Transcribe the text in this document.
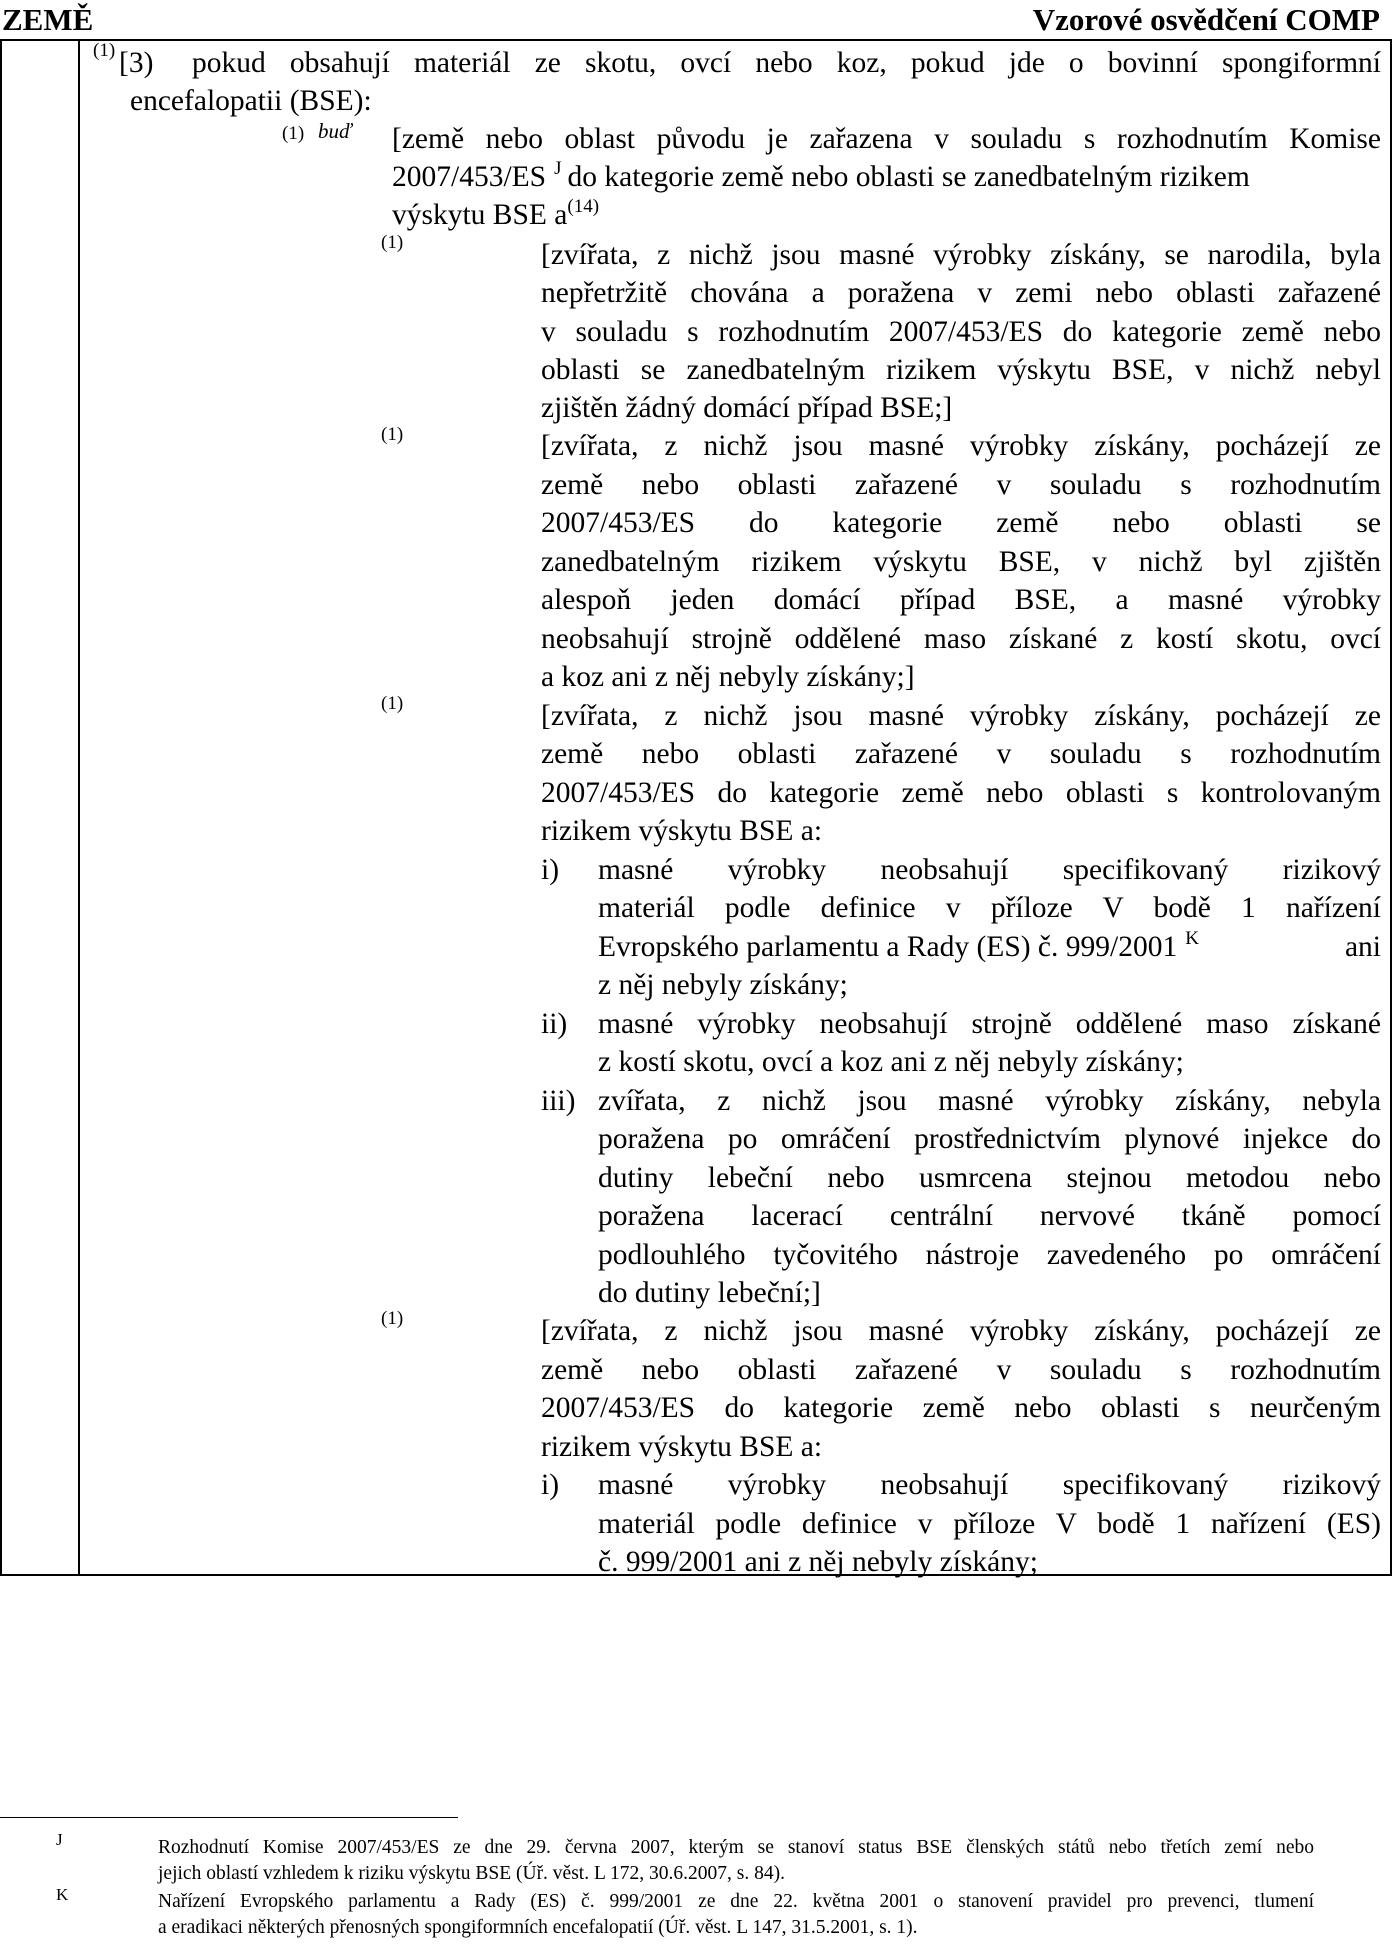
ZEMĚ	Vzorové osvědčení COMP
(1) [3) pokud obsahují materiál ze skotu, ovcí nebo koz, pokud jde o bovinní spongiformní
encefalopatii (BSE):
(1) buď [země nebo oblast původu je zařazena v souladu s rozhodnutím Komise
2007/453/ES $^J$ do kategorie země nebo oblasti se zanedbatelným rizikem
výskytu BSE $a^{(14)}$
(1)	[zvířata, z nichž jsou masné výrobky získány, se narodila, byla
nepřetržitě chována a poražena v zemi nebo oblasti zařazené
v souladu s rozhodnutím 2007/453/ES do kategorie země nebo
oblasti se zanedbatelným rizikem výskytu BSE, v nichž nebyl
zjištěn žádný domácí případ BSE;]
(1)	[zvířata, z nichž jsou masné výrobky získány, pocházejí ze
země nebo oblasti zařazené v souladu s rozhodnutím
2007/453/ES do kategorie země nebo oblasti se
zanedbatelným rizikem výskytu BSE, v nichž byl zjištěn
alespoň jeden domácí případ BSE, a masné výrobky
neobsahují strojně oddělené maso získané z kostí skotu, ovcí
a koz ani z něj nebyly získány;]
(1)	[zvířata, z nichž jsou masné výrobky získány, pocházejí ze
země nebo oblasti zařazené v souladu s rozhodnutím
2007/453/ES do kategorie země nebo oblasti s kontrolovaným
rizikem výskytu BSE a:
i) masné výrobky neobsahují specifikovaný rizikový
materiál podle definice v příloze V bodě 1 nařízení
Evropského parlamentu a Rady (ES) č. 999/2001 $^K$	ani
z něj nebyly získány;
ii) masné výrobky neobsahují strojně oddělené maso získané
z kostí skotu, ovcí a koz ani z něj nebyly získány;
iii) zvířata, z nichž jsou masné výrobky získány, nebyla
poražena po omráčení prostřednictvím plynové injekce do
dutiny lebeční nebo usmrcena stejnou metodou nebo
poražena lacerací centrální nervové tkáně pomocí
podlouhlého tyčovitého nástroje zavedeného po omráčení
do dutiny lebeční;]
(1)	[zvířata, z nichž jsou masné výrobky získány, pocházejí ze
země nebo oblasti zařazené v souladu s rozhodnutím
2007/453/ES do kategorie země nebo oblasti s neurčeným
rizikem výskytu BSE a:
i) masné výrobky neobsahují specifikovaný rizikový
materiál podle definice v příloze V bodě 1 nařízení (ES)
č. 999/2001 ani z něj nebyly získány;
J	Rozhodnutí Komise 2007/453/ES ze dne 29. června 2007, kterým se stanoví status BSE členských států nebo třetích zemí nebo
jejich oblastí vzhledem k riziku výskytu BSE (Úř. věst. L 172, 30.6.2007, s. 84).
K	Nařízení Evropského parlamentu a Rady (ES) č. 999/2001 ze dne 22. května 2001 o stanovení pravidel pro prevenci, tlumení
a eradikaci některých přenosných spongiformních encefalopatií (Úř. věst. L 147, 31.5.2001, s. 1).
